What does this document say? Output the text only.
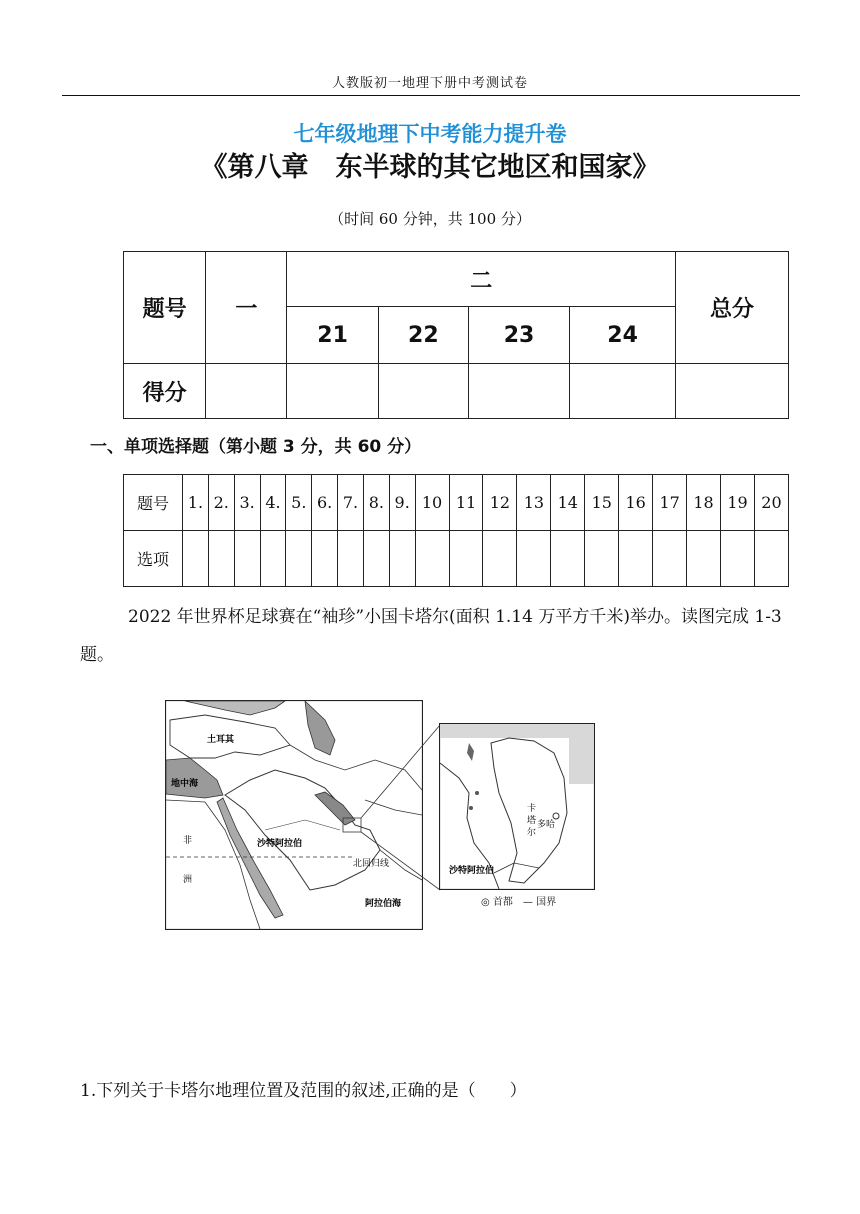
人教版初一地理下册中考测试卷
七年级地理下中考能力提升卷
《第八章　东半球的其它地区和国家》
（时间 60 分钟，共 100 分）
题号	一	二				总分
		21	22	23	24	
得分						
一、单项选择题（第小题 3 分，共 60 分）
题号	1.	2.	3.	4.	5.	6.	7.	8.	9.	10	11	12	13	14	15	16	17	18	19	20
选项																				
2022 年世界杯足球赛在“袖珍”小国卡塔尔(面积 1.14 万平方千米)举办。读图完成 1-3 题。
土耳其
地中海
非
洲
沙特阿拉伯
北回归线
阿拉伯海
卡
塔
尔
多哈
沙特阿拉伯
◎ 首都　— 国界
1.下列关于卡塔尔地理位置及范围的叙述,正确的是（　　）
